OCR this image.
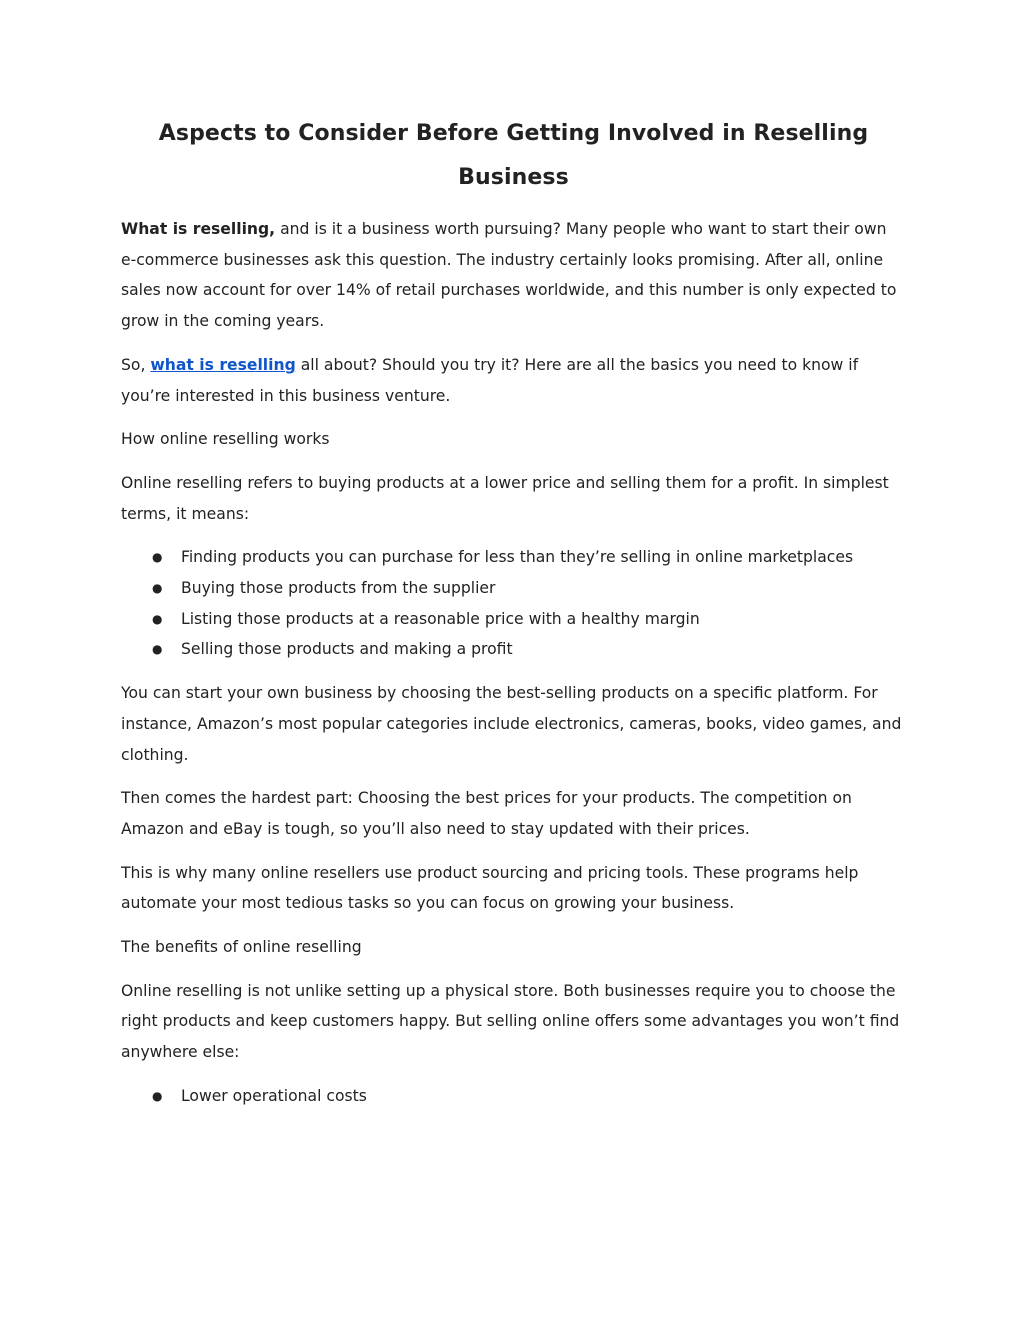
Aspects to Consider Before Getting Involved in Reselling Business

What is reselling, and is it a business worth pursuing? Many people who want to start their own e-commerce businesses ask this question. The industry certainly looks promising. After all, online sales now account for over 14% of retail purchases worldwide, and this number is only expected to grow in the coming years.

So, what is reselling all about? Should you try it? Here are all the basics you need to know if you’re interested in this business venture.

How online reselling works

Online reselling refers to buying products at a lower price and selling them for a profit. In simplest terms, it means:

● Finding products you can purchase for less than they’re selling in online marketplaces
● Buying those products from the supplier
● Listing those products at a reasonable price with a healthy margin
● Selling those products and making a profit

You can start your own business by choosing the best-selling products on a specific platform. For instance, Amazon’s most popular categories include electronics, cameras, books, video games, and clothing.

Then comes the hardest part: Choosing the best prices for your products. The competition on Amazon and eBay is tough, so you’ll also need to stay updated with their prices.

This is why many online resellers use product sourcing and pricing tools. These programs help automate your most tedious tasks so you can focus on growing your business.

The benefits of online reselling

Online reselling is not unlike setting up a physical store. Both businesses require you to choose the right products and keep customers happy. But selling online offers some advantages you won’t find anywhere else:

● Lower operational costs
